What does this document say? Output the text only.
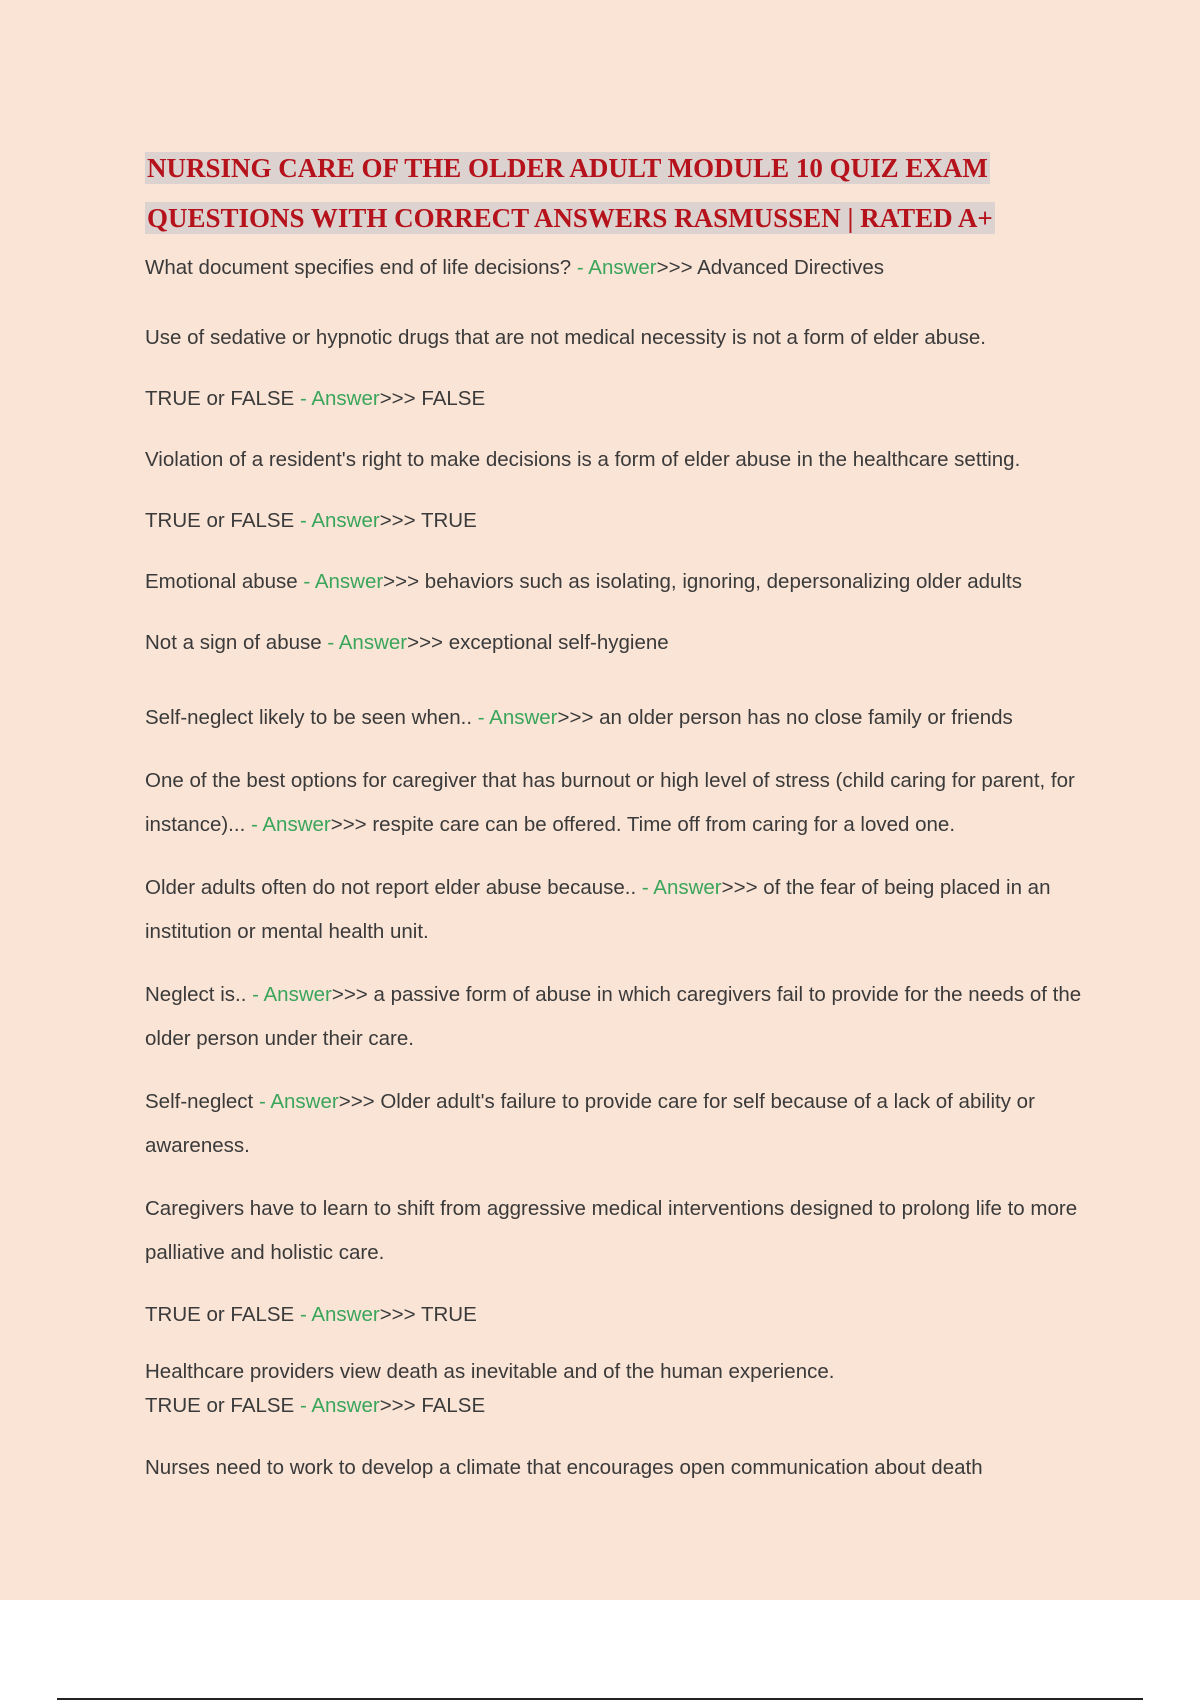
NURSING CARE OF THE OLDER ADULT MODULE 10 QUIZ EXAM
QUESTIONS WITH CORRECT ANSWERS RASMUSSEN | RATED A+

What document specifies end of life decisions? - Answer>>> Advanced Directives

Use of sedative or hypnotic drugs that are not medical necessity is not a form of elder abuse.

TRUE or FALSE - Answer>>> FALSE

Violation of a resident's right to make decisions is a form of elder abuse in the healthcare setting.

TRUE or FALSE - Answer>>> TRUE

Emotional abuse - Answer>>> behaviors such as isolating, ignoring, depersonalizing older adults

Not a sign of abuse - Answer>>> exceptional self-hygiene

Self-neglect likely to be seen when.. - Answer>>> an older person has no close family or friends

One of the best options for caregiver that has burnout or high level of stress (child caring for parent, for instance)... - Answer>>> respite care can be offered. Time off from caring for a loved one.

Older adults often do not report elder abuse because.. - Answer>>> of the fear of being placed in an institution or mental health unit.

Neglect is.. - Answer>>> a passive form of abuse in which caregivers fail to provide for the needs of the older person under their care.

Self-neglect - Answer>>> Older adult's failure to provide care for self because of a lack of ability or awareness.

Caregivers have to learn to shift from aggressive medical interventions designed to prolong life to more palliative and holistic care.

TRUE or FALSE - Answer>>> TRUE

Healthcare providers view death as inevitable and of the human experience.
TRUE or FALSE - Answer>>> FALSE

Nurses need to work to develop a climate that encourages open communication about death
